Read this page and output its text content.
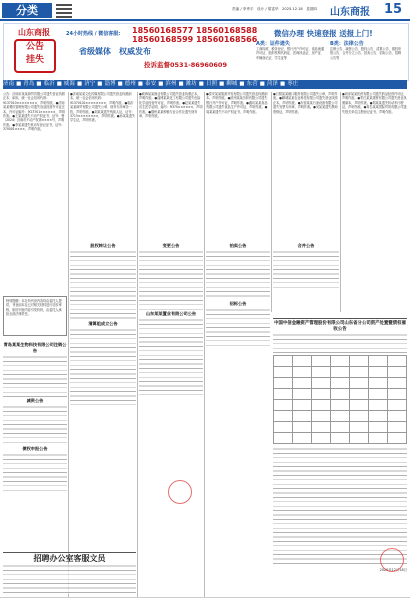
分类	责编 / 李秀平　设计 / 胡富华　2025.12.18　星期四 山东商报 15
山东商报
公告
挂失
24小时热线 / 微信客服: 18560168577 18560168588
18560168599 18560168566
省级媒体　权威发布
投诉监督0531-86960609
微信办理 快速登报 送报上门!
A类：证件遗失
工商执照、税务登记、银行开户许可证、食品流通许可证、组织机构代码证、医师执业证、房产证、车辆登记证、学生证等
B类：法律公告
注销公告、减资公告、股权公告、清算公告、债权申报公告、合并分立公告、拍卖公告、招标公告、招聘公告等
济南 ■ 青岛 ■ 临沂 ■ 威海 ■ 济宁 ■ 淄博 ■ 德州 ■ 泰安 ■ 滨州 ■ 潍坊 ■ 日照 ■ 聊城 ■ 东营 ■ 菏泽 ■ 枣庄
公告：济南市某某商贸有限公司遗失营业执照正本、副本，统一社会信用代码：9137010××××××××，声明作废。●济南某某餐饮管理有限公司遗失食品经营许可证正本，许可证编号：JY23701××××××，声明作废。●王某某遗失不动产权证书，证号：鲁（2024）济南市不动产权第××××号，声明作废。●李某某遗失机动车登记证书，证号：370001××××，声明作废。
特别提醒：本社所刊登内容均由委托人提供，刊登前本社已对相关材料进行初步审核，如因刊登内容引发纠纷，由委托人承担全部法律责任。
青岛某某生物科技有限公司注销公告
减资公告
债权申报公告
●济南某某文化传媒有限公司遗失营业执照副本，统一社会信用代码：91370102××××××××，声明作废。●临沂某某商贸有限公司遗失公章、财务专用章各一枚，声明作废。●刘某某遗失残疾人证，证号：3713××××××××，声明作废。●孙某某遗失学生证，声明作废。
股权转让公告
清算组成立公告
●威海某某渔业有限公司遗失营业执照正本，声明作废。●淄博某某化工有限公司遗失危险化学品经营许可证，声明作废。●赵某某遗失出生医学证明，编号：R370××××××，声明作废。●德州某某种植专业合作社遗失财务章，声明作废。
变更公告
山东某某置业有限公司公告
●泰安某某旅游开发有限公司遗失营业执照副本，声明作废。●滨州某某纺织有限公司遗失银行开户许可证，声明作废。●潍坊某某食品有限公司遗失食品生产许可证，声明作废。●周某某遗失不动产权证书，声明作废。
拍卖公告
招标公告
●日照某某港口服务有限公司遗失公章，声明作废。●聊城某某农业科技有限公司遗失营业执照正本，声明作废。●东营某某石油设备有限公司遗失发票专用章，声明作废。●吴某某遗失教师资格证，声明作废。
合并公告
●菏泽某某医药有限公司遗失药品经营许可证，声明作废。●枣庄某某建材有限公司遗失营业执照副本，声明作废。●郑某某遗失机动车行驶证，声明作废。●青岛某某国际贸易有限公司遗失报关单位注册登记证书，声明作废。
中国中信金融资产管理股份有限公司山东省分公司资产处置暨债权催收公告

2025年12月18日
招聘办公室客服文员
